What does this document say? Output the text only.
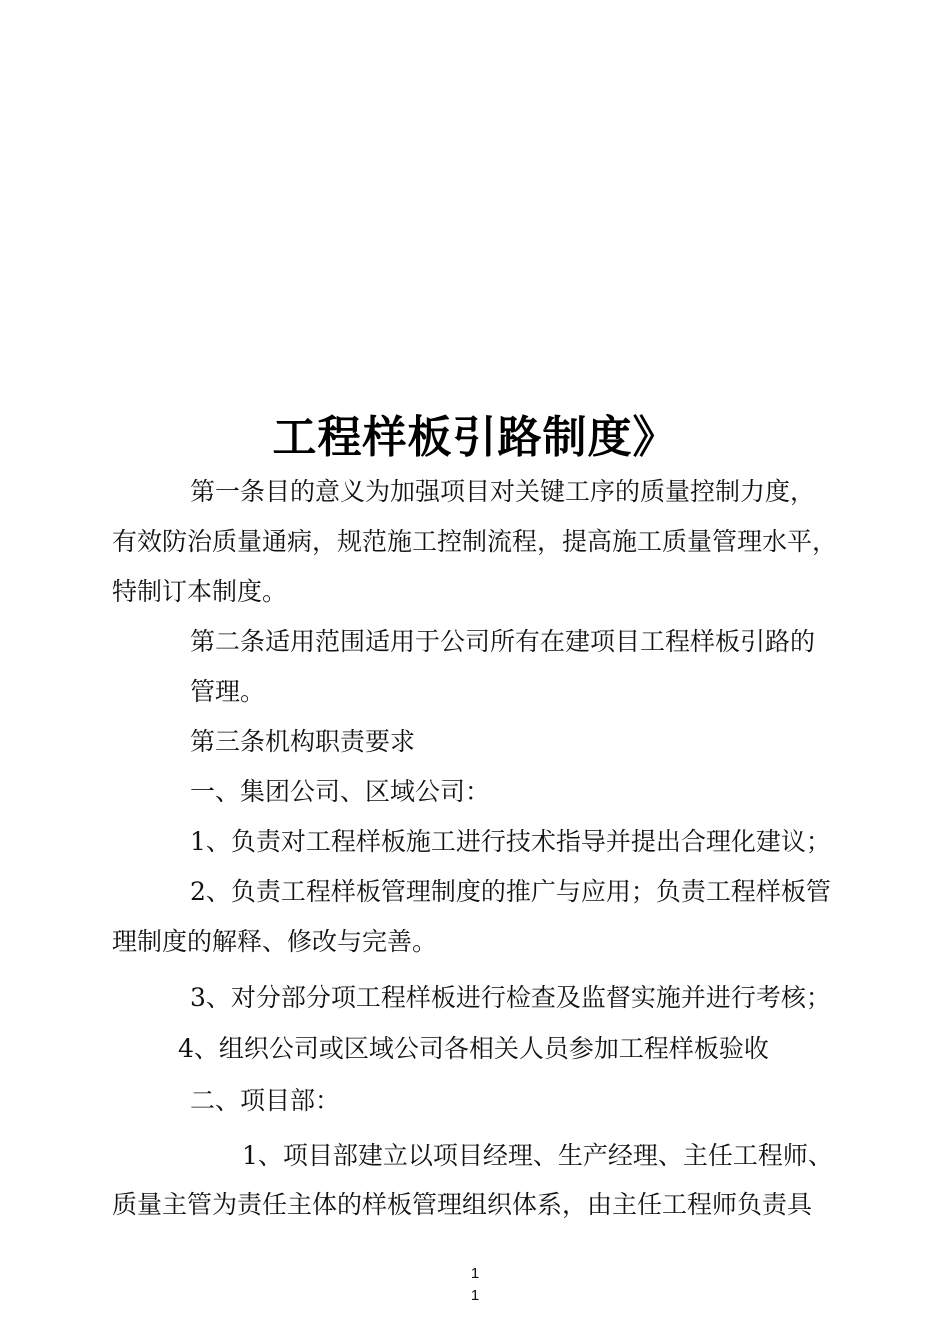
工程样板引路制度》
第一条目的意义为加强项目对关键工序的质量控制力度，
有效防治质量通病，规范施工控制流程，提高施工质量管理水平，
特制订本制度。
第二条适用范围适用于公司所有在建项目工程样板引路的
管理。
第三条机构职责要求
一、集团公司、区域公司：
1、负责对工程样板施工进行技术指导并提出合理化建议；
2、负责工程样板管理制度的推广与应用；负责工程样板管
理制度的解释、修改与完善。
3、对分部分项工程样板进行检查及监督实施并进行考核；
4、组织公司或区域公司各相关人员参加工程样板验收
二、项目部：
1、项目部建立以项目经理、生产经理、主任工程师、
质量主管为责任主体的样板管理组织体系，由主任工程师负责具
1
1
